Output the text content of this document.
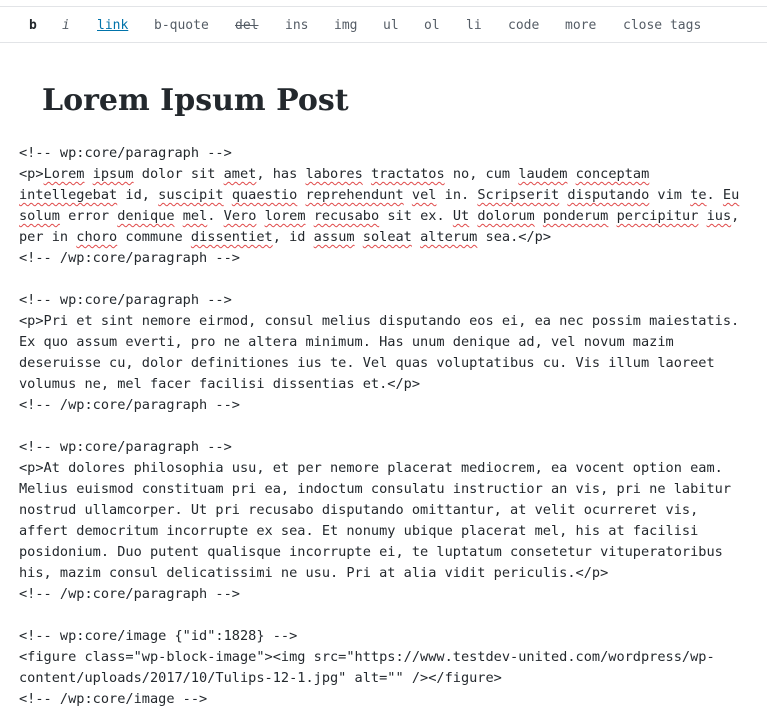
b i link b-quote del ins img ul ol li code more close tags
Lorem Ipsum Post
<!-- wp:core/paragraph -->
<p>Lorem ipsum dolor sit amet, has labores tractatos no, cum laudem conceptam
intellegebat id, suscipit quaestio reprehendunt vel in. Scripserit disputando vim te. Eu
solum error denique mel. Vero lorem recusabo sit ex. Ut dolorum ponderum percipitur ius,
per in choro commune dissentiet, id assum soleat alterum sea.</p>
<!-- /wp:core/paragraph -->
<!-- wp:core/paragraph -->
<p>Pri et sint nemore eirmod, consul melius disputando eos ei, ea nec possim maiestatis.
Ex quo assum everti, pro ne altera minimum. Has unum denique ad, vel novum mazim
deseruisse cu, dolor definitiones ius te. Vel quas voluptatibus cu. Vis illum laoreet
volumus ne, mel facer facilisi dissentias et.</p>
<!-- /wp:core/paragraph -->
<!-- wp:core/paragraph -->
<p>At dolores philosophia usu, et per nemore placerat mediocrem, ea vocent option eam.
Melius euismod constituam pri ea, indoctum consulatu instructior an vis, pri ne labitur
nostrud ullamcorper. Ut pri recusabo disputando omittantur, at velit ocurreret vis,
affert democritum incorrupte ex sea. Et nonumy ubique placerat mel, his at facilisi
posidonium. Duo putent qualisque incorrupte ei, te luptatum consetetur vituperatoribus
his, mazim consul delicatissimi ne usu. Pri at alia vidit periculis.</p>
<!-- /wp:core/paragraph -->
<!-- wp:core/image {"id":1828} -->
<figure class="wp-block-image"><img src="https://www.testdev-united.com/wordpress/wp-
content/uploads/2017/10/Tulips-12-1.jpg" alt="" /></figure>
<!-- /wp:core/image -->
